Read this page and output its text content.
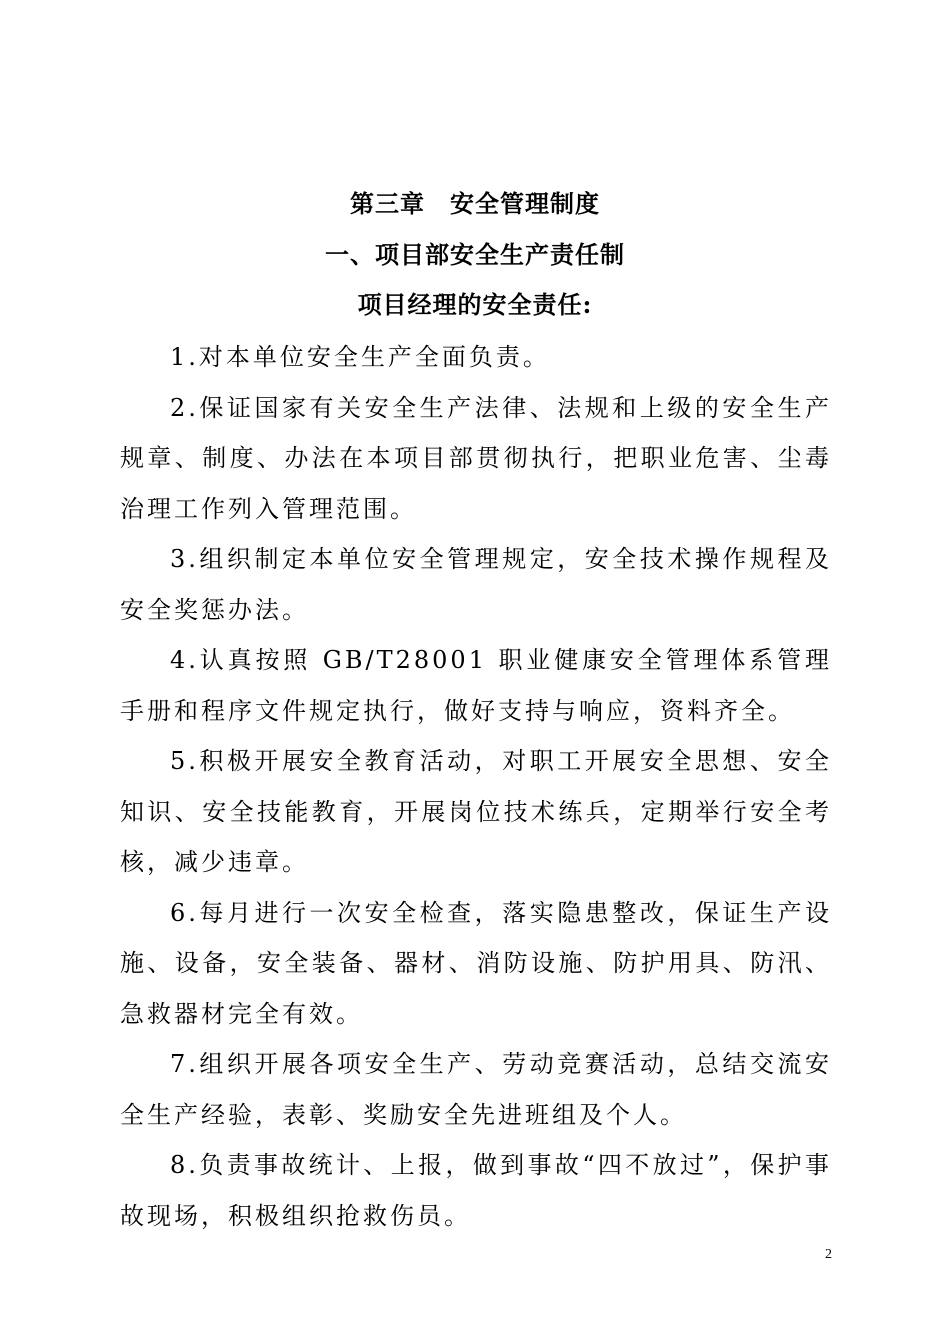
第三章　安全管理制度
一、项目部安全生产责任制
项目经理的安全责任:

1.对本单位安全生产全面负责。

2.保证国家有关安全生产法律、法规和上级的安全生产规章、制度、办法在本项目部贯彻执行，把职业危害、尘毒治理工作列入管理范围。

3.组织制定本单位安全管理规定，安全技术操作规程及安全奖惩办法。

4.认真按照 GB/T28001 职业健康安全管理体系管理手册和程序文件规定执行，做好支持与响应，资料齐全。

5.积极开展安全教育活动，对职工开展安全思想、安全知识、安全技能教育，开展岗位技术练兵，定期举行安全考核，减少违章。

6.每月进行一次安全检查，落实隐患整改，保证生产设施、设备，安全装备、器材、消防设施、防护用具、防汛、急救器材完全有效。

7.组织开展各项安全生产、劳动竞赛活动，总结交流安全生产经验，表彰、奖励安全先进班组及个人。

8.负责事故统计、上报，做到事故“四不放过”，保护事故现场，积极组织抢救伤员。

2
